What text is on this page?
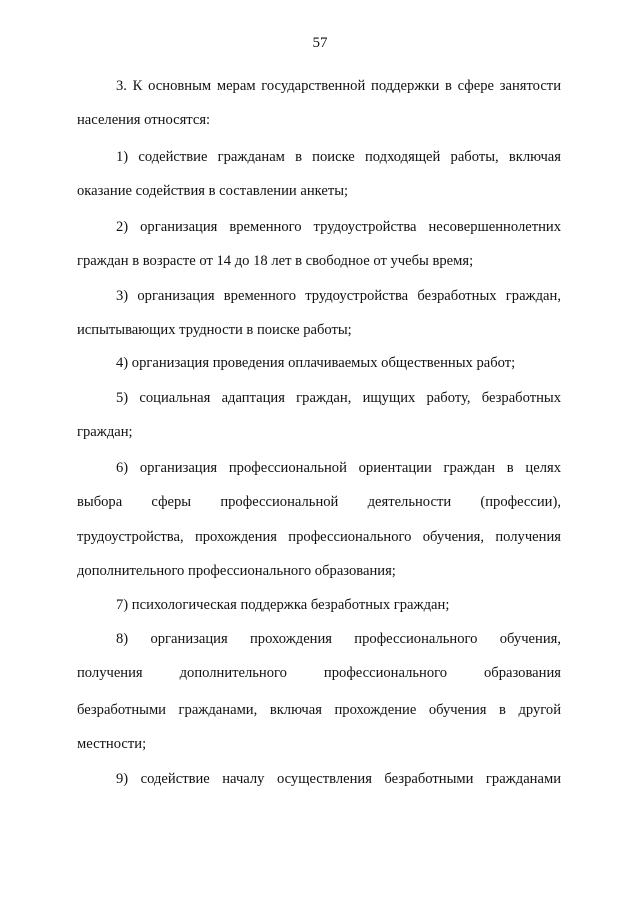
57
3. К основным мерам государственной поддержки в сфере занятости
населения относятся:
1) содействие гражданам в поиске подходящей работы, включая
оказание содействия в составлении анкеты;
2) организация временного трудоустройства несовершеннолетних
граждан в возрасте от 14 до 18 лет в свободное от учебы время;
3) организация временного трудоустройства безработных граждан,
испытывающих трудности в поиске работы;
4) организация проведения оплачиваемых общественных работ;
5) социальная адаптация граждан, ищущих работу, безработных
граждан;
6) организация профессиональной ориентации граждан в целях
выбора сферы профессиональной деятельности (профессии),
трудоустройства, прохождения профессионального обучения, получения
дополнительного профессионального образования;
7) психологическая поддержка безработных граждан;
8) организация прохождения профессионального обучения,
получения дополнительного профессионального образования
безработными гражданами, включая прохождение обучения в другой
местности;
9) содействие началу осуществления безработными гражданами
